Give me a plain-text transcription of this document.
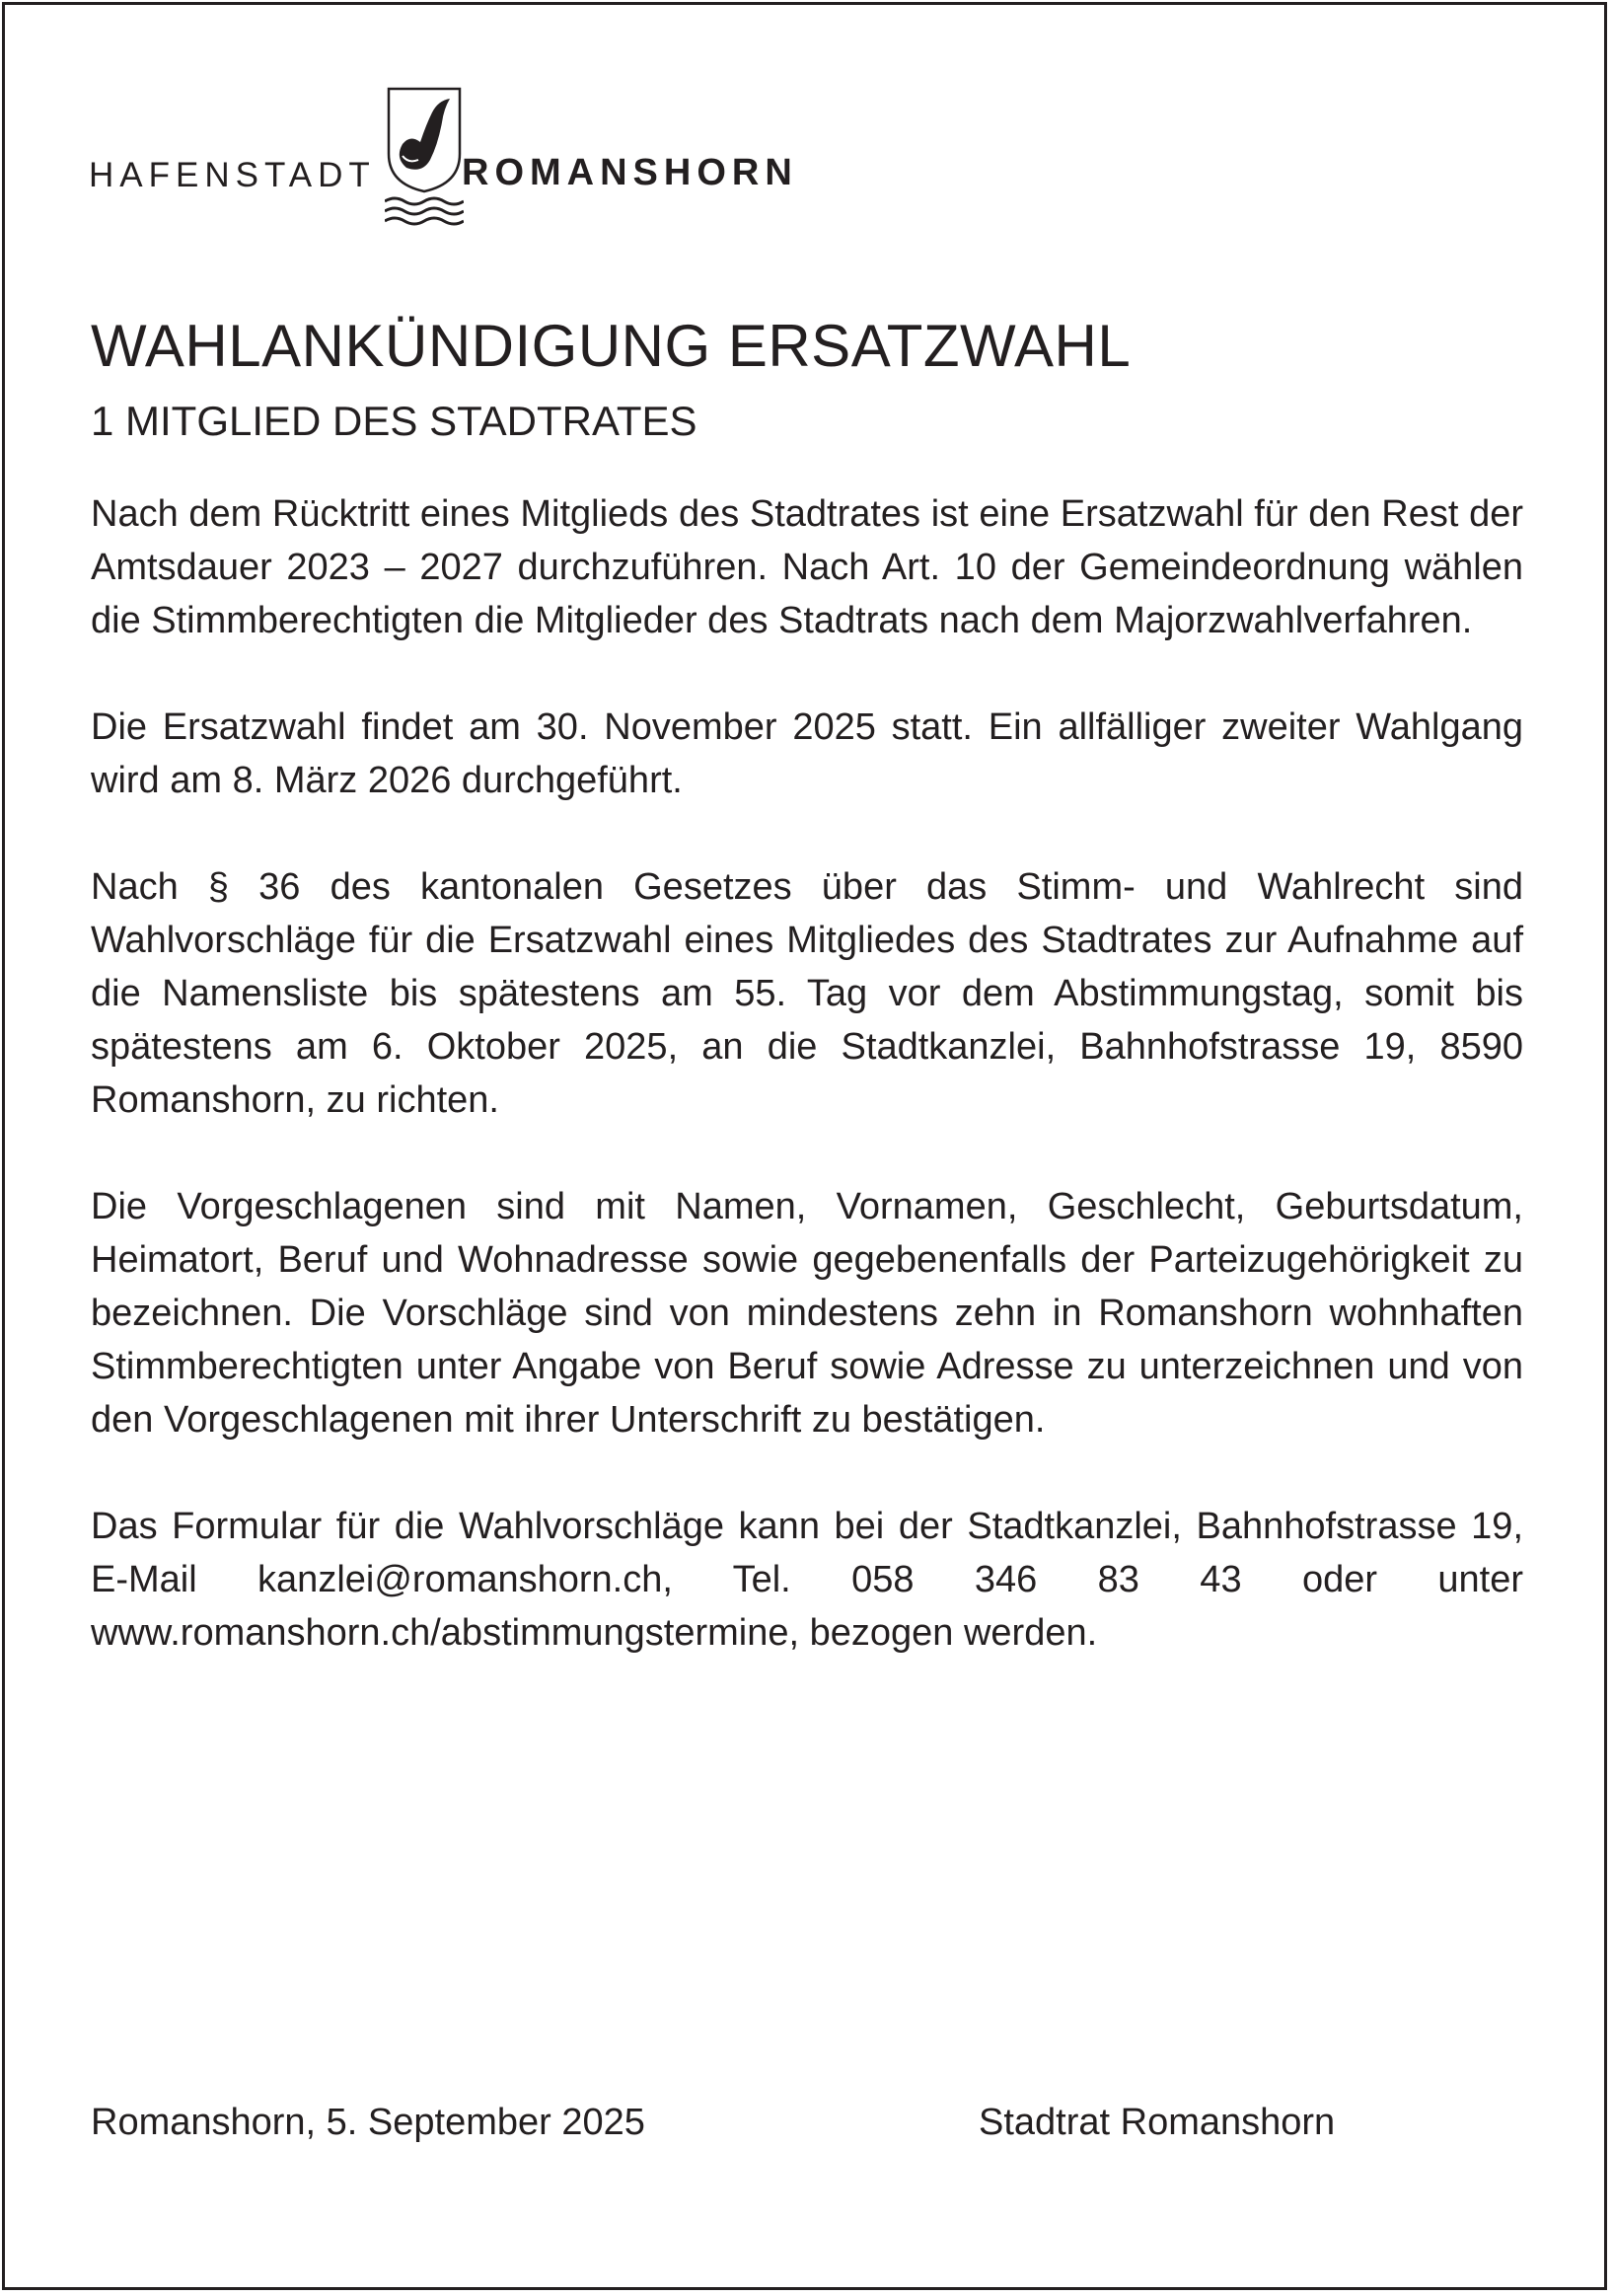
HAFENSTADT ROMANSHORN
WAHLANKÜNDIGUNG ERSATZWAHL
1 MITGLIED DES STADTRATES

Nach dem Rücktritt eines Mitglieds des Stadtrates ist eine Ersatzwahl für den Rest der Amtsdauer 2023 – 2027 durchzuführen. Nach Art. 10 der Gemeindeordnung wählen die Stimmberechtigten die Mitglieder des Stadtrats nach dem Majorzwahlverfahren.

Die Ersatzwahl findet am 30. November 2025 statt. Ein allfälliger zweiter Wahlgang wird am 8. März 2026 durchgeführt.

Nach § 36 des kantonalen Gesetzes über das Stimm- und Wahlrecht sind Wahlvorschläge für die Ersatzwahl eines Mitgliedes des Stadtrates zur Aufnahme auf die Namensliste bis spätestens am 55. Tag vor dem Abstimmungstag, somit bis spätestens am 6. Oktober 2025, an die Stadtkanzlei, Bahnhofstrasse 19, 8590 Romanshorn, zu richten.

Die Vorgeschlagenen sind mit Namen, Vornamen, Geschlecht, Geburtsdatum, Heimatort, Beruf und Wohnadresse sowie gegebenenfalls der Parteizugehörigkeit zu bezeichnen. Die Vorschläge sind von mindestens zehn in Romanshorn wohnhaften Stimmberechtigten unter Angabe von Beruf sowie Adresse zu unterzeichnen und von den Vorgeschlagenen mit ihrer Unterschrift zu bestätigen.

Das Formular für die Wahlvorschläge kann bei der Stadtkanzlei, Bahnhofstrasse 19, E-Mail kanzlei@romanshorn.ch, Tel. 058 346 83 43 oder unter www.romanshorn.ch/abstimmungstermine, bezogen werden.

Romanshorn, 5. September 2025	Stadtrat Romanshorn
